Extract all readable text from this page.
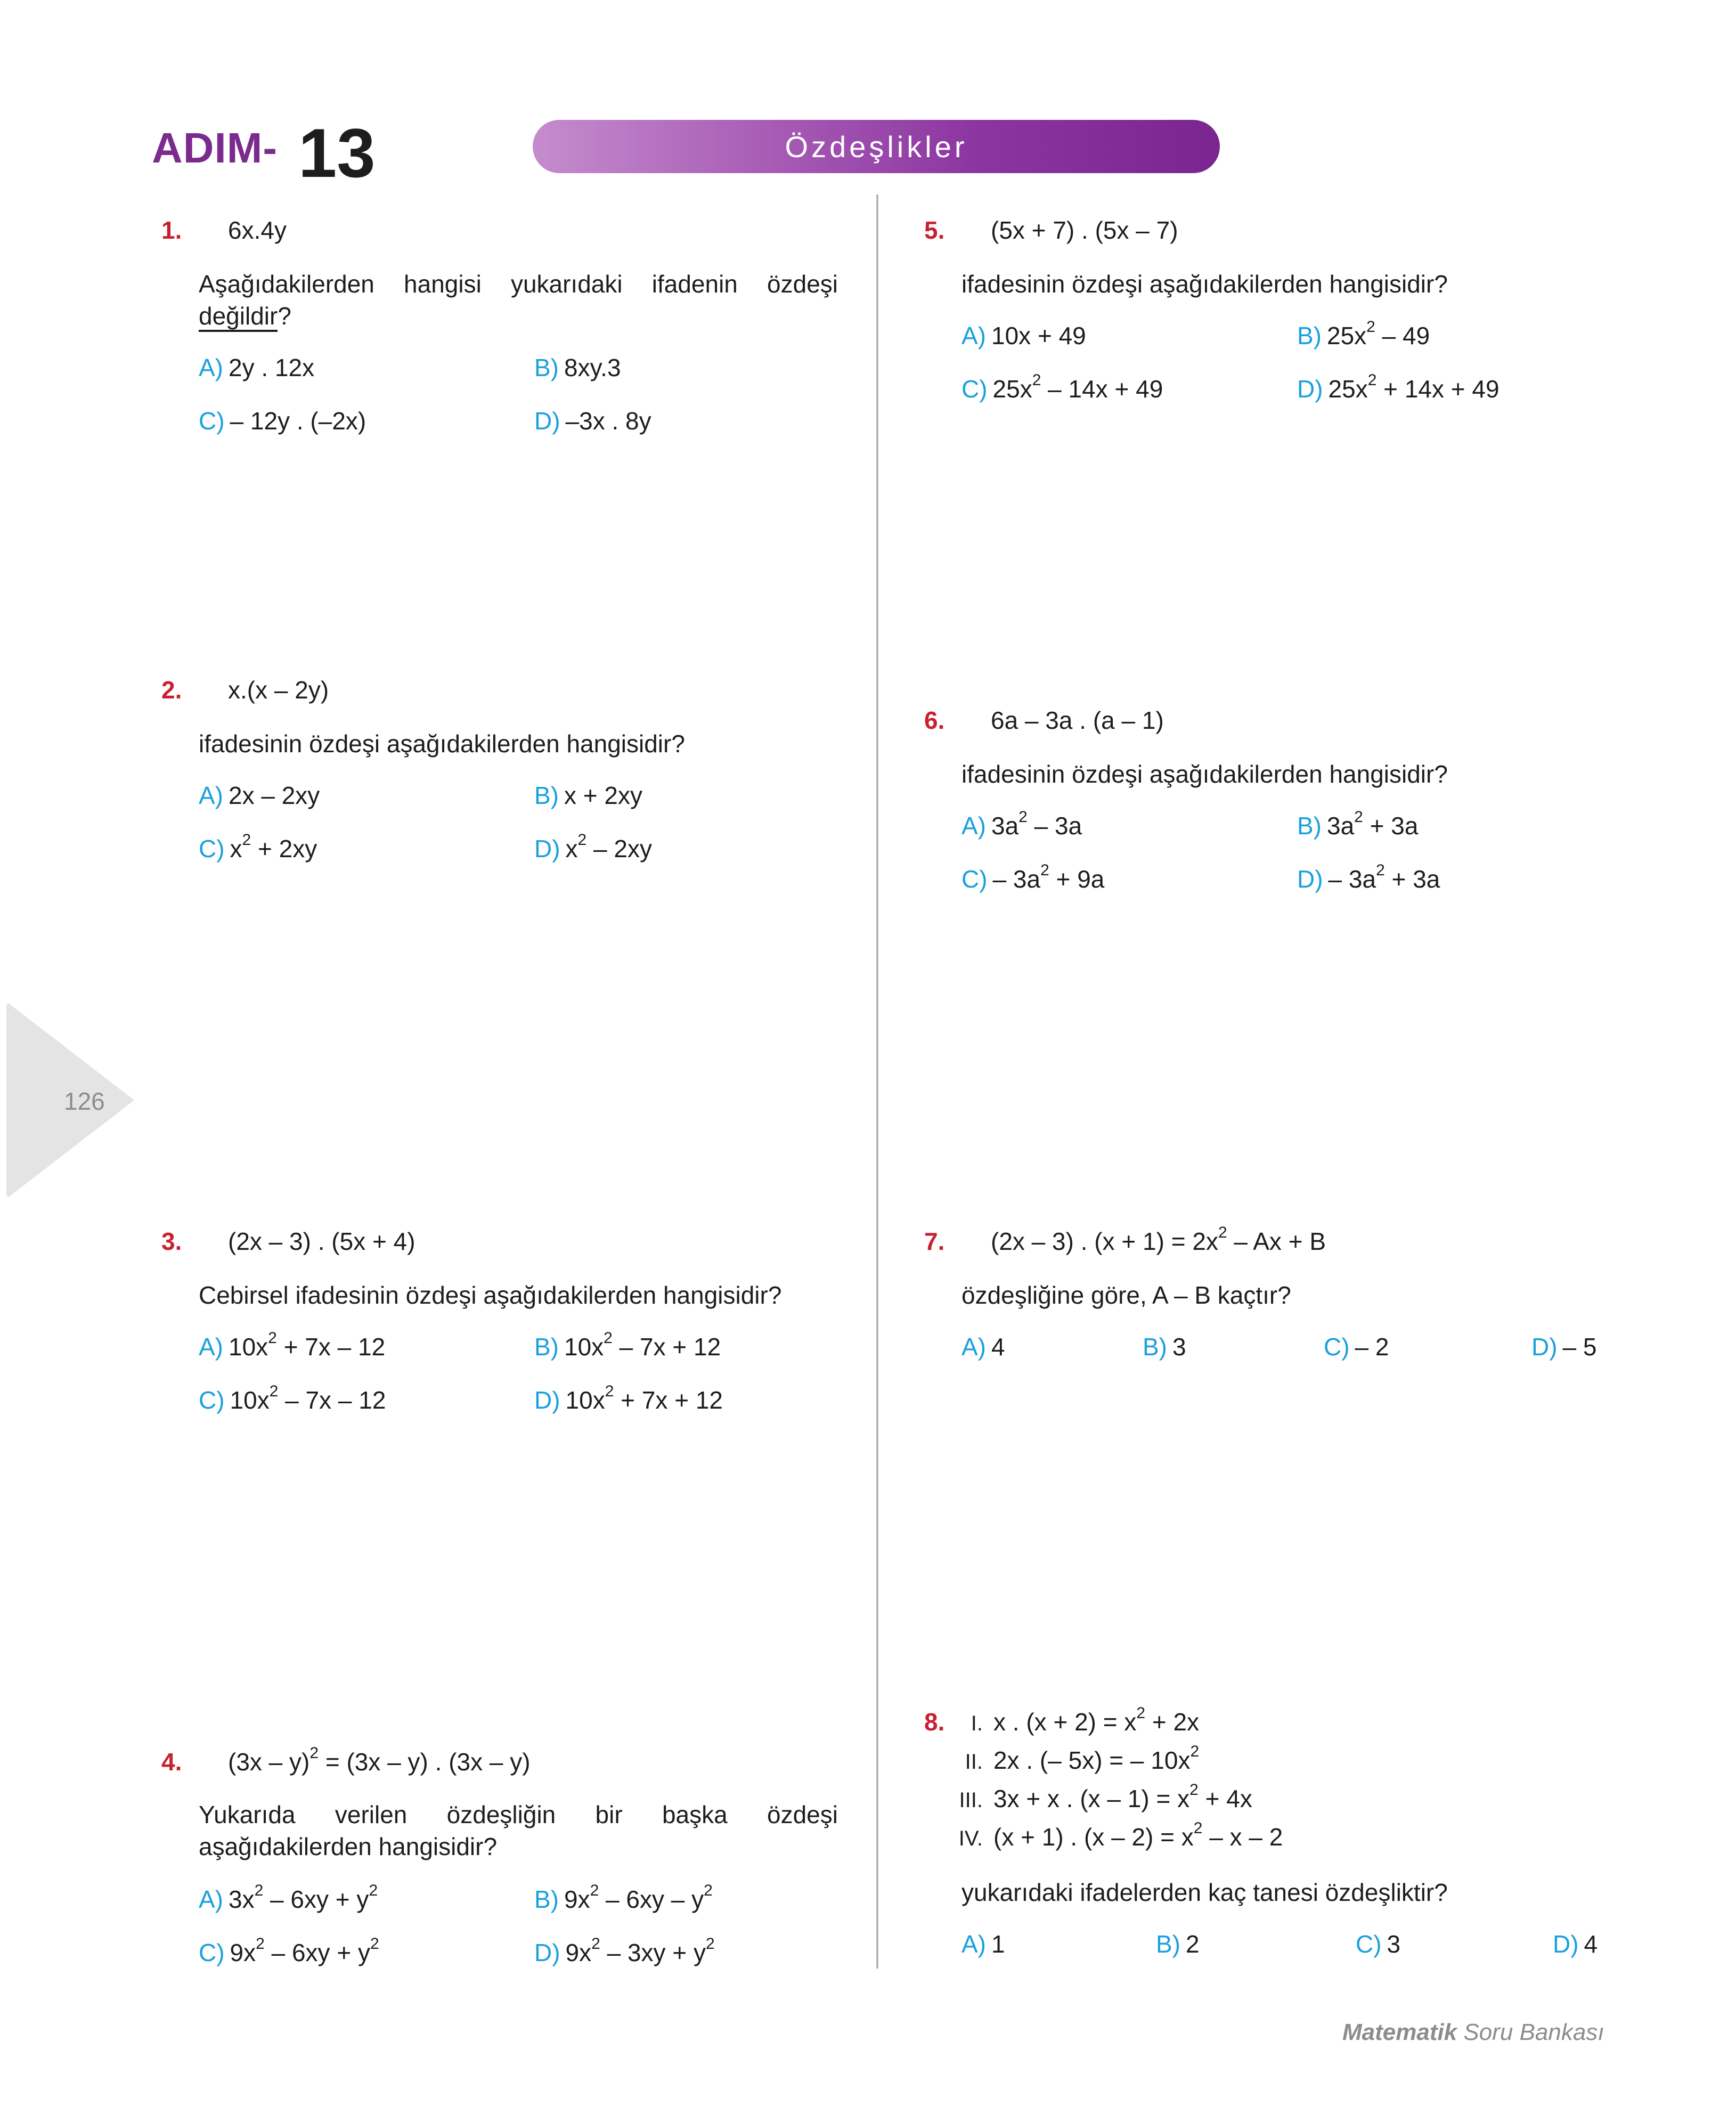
ADIM- 13	Özdeşlikler
1. 6x.4y
Aşağıdakilerden hangisi yukarıdaki ifadenin özdeşi değildir?
A) 2y . 12x	B) 8xy.3
C) – 12y . (–2x)	D) –3x . 8y
2. x.(x – 2y)
ifadesinin özdeşi aşağıdakilerden hangisidir?
A) 2x – 2xy	B) x + 2xy
C) $x^2 + 2xy$	D) $x^2 - 2xy$
3. (2x – 3) . (5x + 4)
Cebirsel ifadesinin özdeşi aşağıdakilerden hangisidir?
A) $10x^2 + 7x - 12$	B) $10x^2 - 7x + 12$
C) $10x^2 - 7x - 12$	D) $10x^2 + 7x + 12$
4. (3x – y)$^2$ = (3x – y) . (3x – y)
Yukarıda verilen özdeşliğin bir başka özdeşi aşağıdakilerden hangisidir?
A) $3x^2 - 6xy + y^2$	B) $9x^2 - 6xy - y^2$
C) $9x^2 - 6xy + y^2$	D) $9x^2 - 3xy + y^2$
5. (5x + 7) . (5x – 7)
ifadesinin özdeşi aşağıdakilerden hangisidir?
A) 10x + 49	B) $25x^2 - 49$
C) $25x^2 - 14x + 49$	D) $25x^2 + 14x + 49$
6. 6a – 3a . (a – 1)
ifadesinin özdeşi aşağıdakilerden hangisidir?
A) $3a^2 - 3a$	B) $3a^2 + 3a$
$C) - 3a^2 + 9a$	$D) - 3a^2 + 3a$
7. (2x – 3) . $(x + 1) = 2x^2 - Ax + B$
özdeşliğine göre, A – B kaçtır?
A) 4	B) 3	C) – 2	D) – 5
8.	I. x . $(x + 2) = x^2 + 2x$
II. 2x . (– 5x) = – $10x^2$
III. 3x + x . $(x - 1) = x^2 + 4x$
IV. (x + 1) . $(x - 2) = x^2 - x - 2$
yukarıdaki ifadelerden kaç tanesi özdeşliktir?
A) 1	B) 2	C) 3	D) 4
126
Matematik Soru Bankası
